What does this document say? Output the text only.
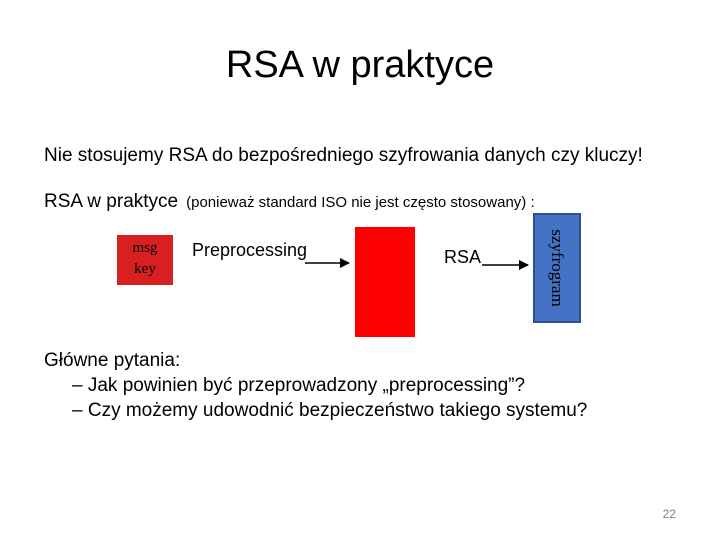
RSA w praktyce
Nie stosujemy RSA do bezpośredniego szyfrowania danych czy kluczy!
RSA w praktyce (ponieważ standard ISO nie jest często stosowany) :
msg
key
Preprocessing	RSA	szyfrogram
Główne pytania:
– Jak powinien być przeprowadzony „preprocessing”?
– Czy możemy udowodnić bezpieczeństwo takiego systemu?
22
